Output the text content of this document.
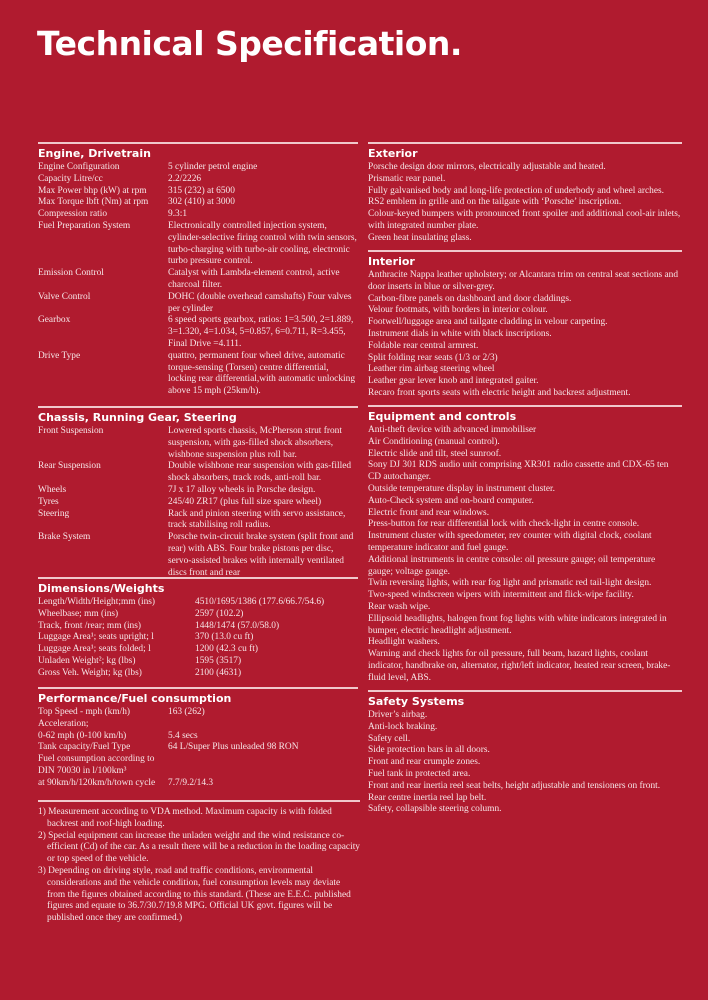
Technical Specification.
Engine, Drivetrain
Engine Configuration	5 cylinder petrol engine
Capacity Litre/cc	2.2/2226
Max Power bhp (kW) at rpm	315 (232) at 6500
Max Torque lbft (Nm) at rpm	302 (410) at 3000
Compression ratio	9.3:1
Fuel Preparation System	Electronically controlled injection system, cylinder-selective firing control with twin sensors, turbo-charging with turbo-air cooling, electronic turbo pressure control.
Emission Control	Catalyst with Lambda-element control, active charcoal filter.
Valve Control	DOHC (double overhead camshafts) Four valves per cylinder
Gearbox	6 speed sports gearbox, ratios: 1=3.500, 2=1.889, 3=1.320, 4=1.034, 5=0.857, 6=0.711, R=3.455, Final Drive =4.111.
Drive Type	quattro, permanent four wheel drive, automatic torque-sensing (Torsen) centre differential, locking rear differential,with automatic unlocking above 15 mph (25km/h).
Chassis, Running Gear, Steering
Front Suspension	Lowered sports chassis, McPherson strut front suspension, with gas-filled shock absorbers, wishbone suspension plus roll bar.
Rear Suspension	Double wishbone rear suspension with gas-filled shock absorbers, track rods, anti-roll bar.
Wheels	7J x 17 alloy wheels in Porsche design.
Tyres	245/40 ZR17 (plus full size spare wheel)
Steering	Rack and pinion steering with servo assistance, track stabilising roll radius.
Brake System	Porsche twin-circuit brake system (split front and rear) with ABS. Four brake pistons per disc, servo-assisted brakes with internally ventilated discs front and rear
Dimensions/Weights
Length/Width/Height;mm (ins)	4510/1695/1386 (177.6/66.7/54.6)
Wheelbase; mm (ins)	2597 (102.2)
Track, front /rear; mm (ins)	1448/1474 (57.0/58.0)
Luggage Area¹; seats upright; l	370 (13.0 cu ft)
Luggage Area¹; seats folded; l	1200 (42.3 cu ft)
Unladen Weight²; kg (lbs)	1595 (3517)
Gross Veh. Weight; kg (lbs)	2100 (4631)
Performance/Fuel consumption
Top Speed - mph (km/h)	163 (262)
Acceleration;
0-62 mph (0-100 km/h)	5.4 secs
Tank capacity/Fuel Type	64 L/Super Plus unleaded 98 RON
Fuel consumption according to
DIN 70030 in l/100km³
at 90km/h/120km/h/town cycle	7.7/9.2/14.3
Exterior
Porsche design door mirrors, electrically adjustable and heated.
Prismatic rear panel.
Fully galvanised body and long-life protection of underbody and wheel arches.
RS2 emblem in grille and on the tailgate with ‘Porsche’ inscription.
Colour-keyed bumpers with pronounced front spoiler and additional cool-air inlets, with integrated number plate.
Green heat insulating glass.
Interior
Anthracite Nappa leather upholstery; or Alcantara trim on central seat sections and door inserts in blue or silver-grey.
Carbon-fibre panels on dashboard and door claddings.
Velour footmats, with borders in interior colour.
Footwell/luggage area and tailgate cladding in velour carpeting.
Instrument dials in white with black inscriptions.
Foldable rear central armrest.
Split folding rear seats (1/3 or 2/3)
Leather rim airbag steering wheel
Leather gear lever knob and integrated gaiter.
Recaro front sports seats with electric height and backrest adjustment.
Equipment and controls
Anti-theft device with advanced immobiliser
Air Conditioning (manual control).
Electric slide and tilt, steel sunroof.
Sony DJ 301 RDS audio unit comprising XR301 radio cassette and CDX-65 ten CD autochanger.
Outside temperature display in instrument cluster.
Auto-Check system and on-board computer.
Electric front and rear windows.
Press-button for rear differential lock with check-light in centre console.
Instrument cluster with speedometer, rev counter with digital clock, coolant temperature indicator and fuel gauge.
Additional instruments in centre console: oil pressure gauge; oil temperature gauge; voltage gauge.
Twin reversing lights, with rear fog light and prismatic red tail-light design.
Two-speed windscreen wipers with intermittent and flick-wipe facility.
Rear wash wipe.
Ellipsoid headlights, halogen front fog lights with white indicators integrated in bumper, electric headlight adjustment.
Headlight washers.
Warning and check lights for oil pressure, full beam, hazard lights, coolant indicator, handbrake on, alternator, right/left indicator, heated rear screen, brake-fluid level, ABS.
Safety Systems
Driver’s airbag.
Anti-lock braking.
Safety cell.
Side protection bars in all doors.
Front and rear crumple zones.
Fuel tank in protected area.
Front and rear inertia reel seat belts, height adjustable and tensioners on front.
Rear centre inertia reel lap belt.
Safety, collapsible steering column.
1) Measurement according to VDA method. Maximum capacity is with folded backrest and roof-high loading.
2) Special equipment can increase the unladen weight and the wind resistance co-efficient (Cd) of the car. As a result there will be a reduction in the loading capacity or top speed of the vehicle.
3) Depending on driving style, road and traffic conditions, environmental considerations and the vehicle condition, fuel consumption levels may deviate from the figures obtained according to this standard. (These are E.E.C. published figures and equate to 36.7/30.7/19.8 MPG. Official UK govt. figures will be published once they are confirmed.)
